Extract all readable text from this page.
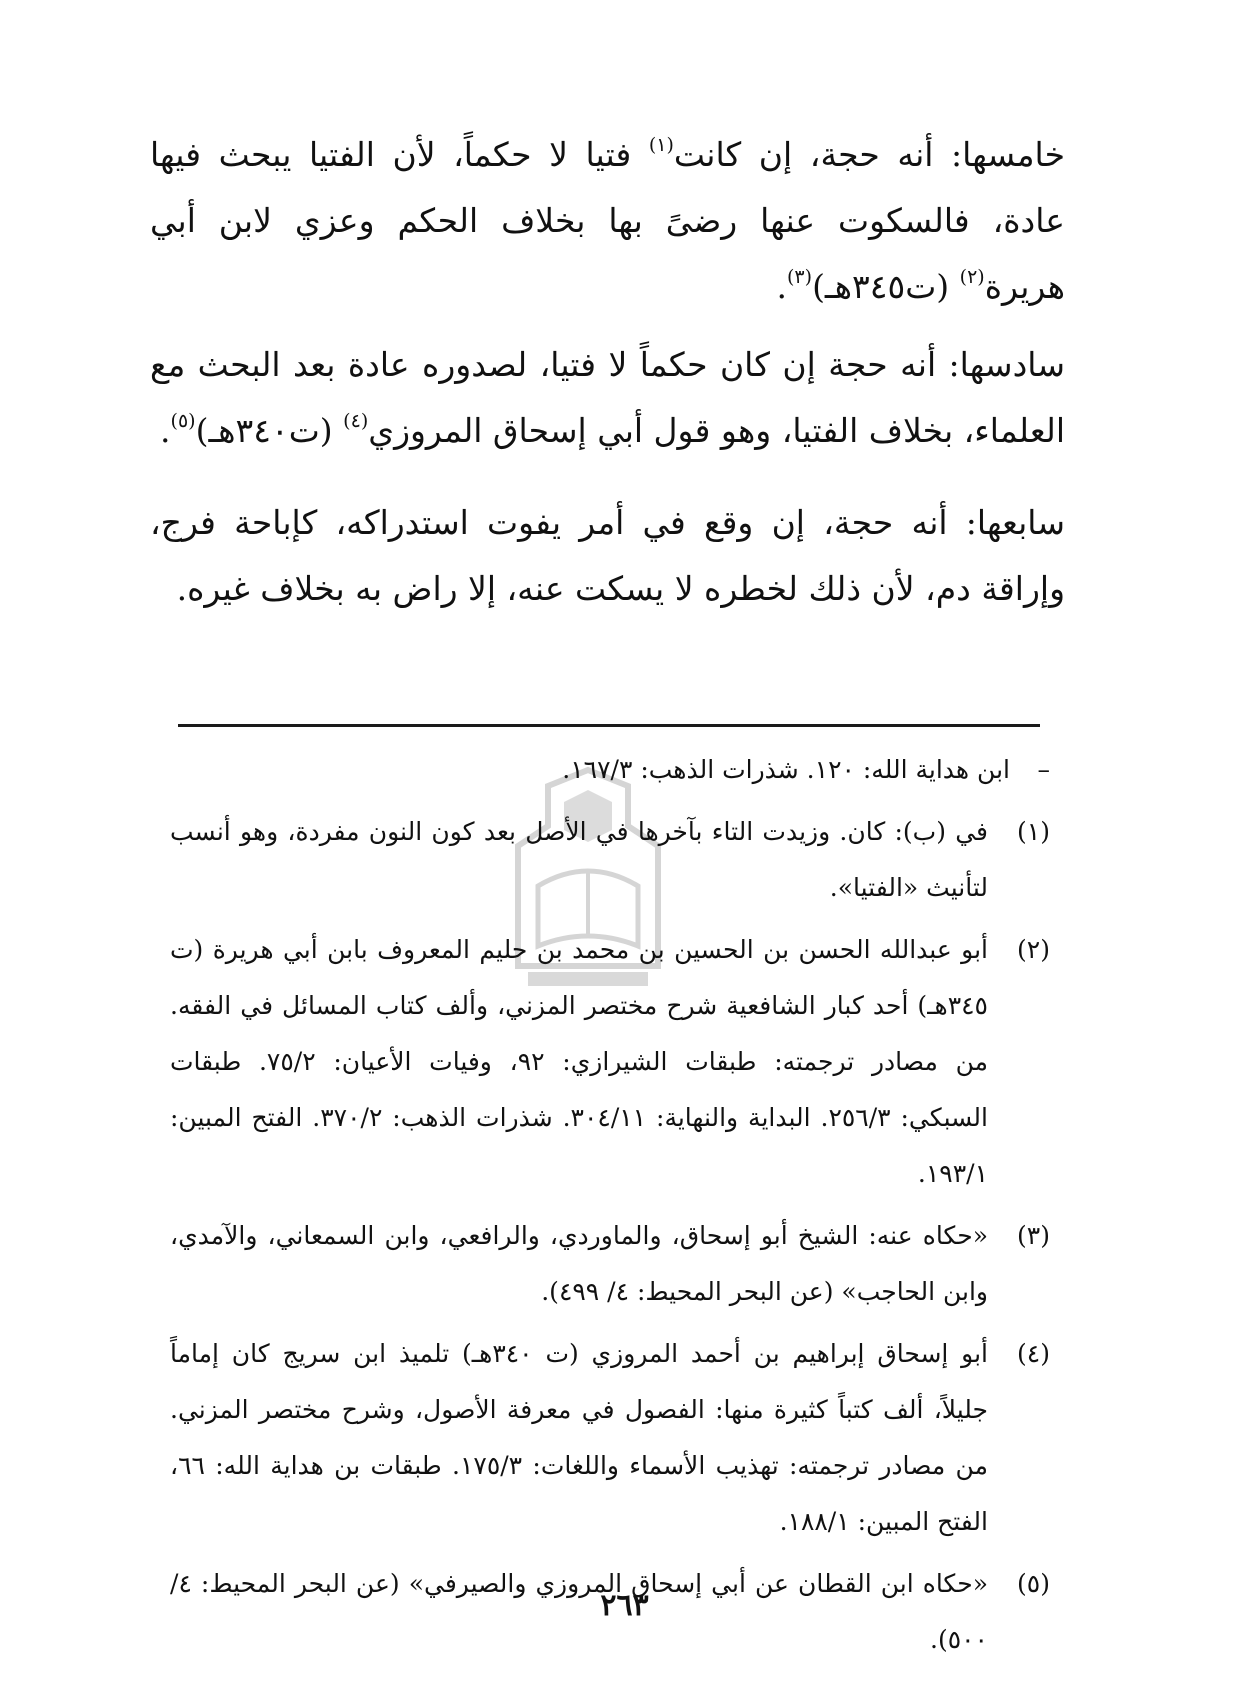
خامسها: أنه حجة، إن كانت$^{(١)}$ فتيا لا حكماً، لأن الفتيا يبحث فيها عادة، فالسكوت عنها رضىً بها بخلاف الحكم وعزي لابن أبي هريرة$^{(٢)}$ (ت٣٤٥هـ)$^{(٣)}$.

سادسها: أنه حجة إن كان حكماً لا فتيا، لصدوره عادة بعد البحث مع العلماء، بخلاف الفتيا، وهو قول أبي إسحاق المروزي$^{(٤)}$ (ت٣٤٠هـ)$^{(٥)}$.

سابعها: أنه حجة، إن وقع في أمر يفوت استدراكه، كإباحة فرج، وإراقة دم، لأن ذلك لخطره لا يسكت عنه، إلا راض به بخلاف غيره.

–
ابن هداية الله: ١٢٠. شذرات الذهب: ١٦٧/٣.

(١)
في (ب): كان. وزيدت التاء بآخرها في الأصل بعد كون النون مفردة، وهو أنسب لتأنيث «الفتيا».

(٢)
أبو عبدالله الحسن بن الحسين بن محمد بن حليم المعروف بابن أبي هريرة (ت ٣٤٥هـ) أحد كبار الشافعية شرح مختصر المزني، وألف كتاب المسائل في الفقه. من مصادر ترجمته: طبقات الشيرازي: ٩٢، وفيات الأعيان: ٧٥/٢. طبقات السبكي: ٢٥٦/٣. البداية والنهاية: ٣٠٤/١١. شذرات الذهب: ٣٧٠/٢. الفتح المبين: ١٩٣/١.

(٣)
«حكاه عنه: الشيخ أبو إسحاق، والماوردي، والرافعي، وابن السمعاني، والآمدي، وابن الحاجب» (عن البحر المحيط: ٤/ ٤٩٩).

(٤)
أبو إسحاق إبراهيم بن أحمد المروزي (ت ٣٤٠هـ) تلميذ ابن سريج كان إماماً جليلاً، ألف كتباً كثيرة منها: الفصول في معرفة الأصول، وشرح مختصر المزني. من مصادر ترجمته: تهذيب الأسماء واللغات: ١٧٥/٣. طبقات بن هداية الله: ٦٦، الفتح المبين: ١٨٨/١.

(٥)
«حكاه ابن القطان عن أبي إسحاق المروزي والصيرفي» (عن البحر المحيط: ٤/ ٥٠٠).

٢٦٣
